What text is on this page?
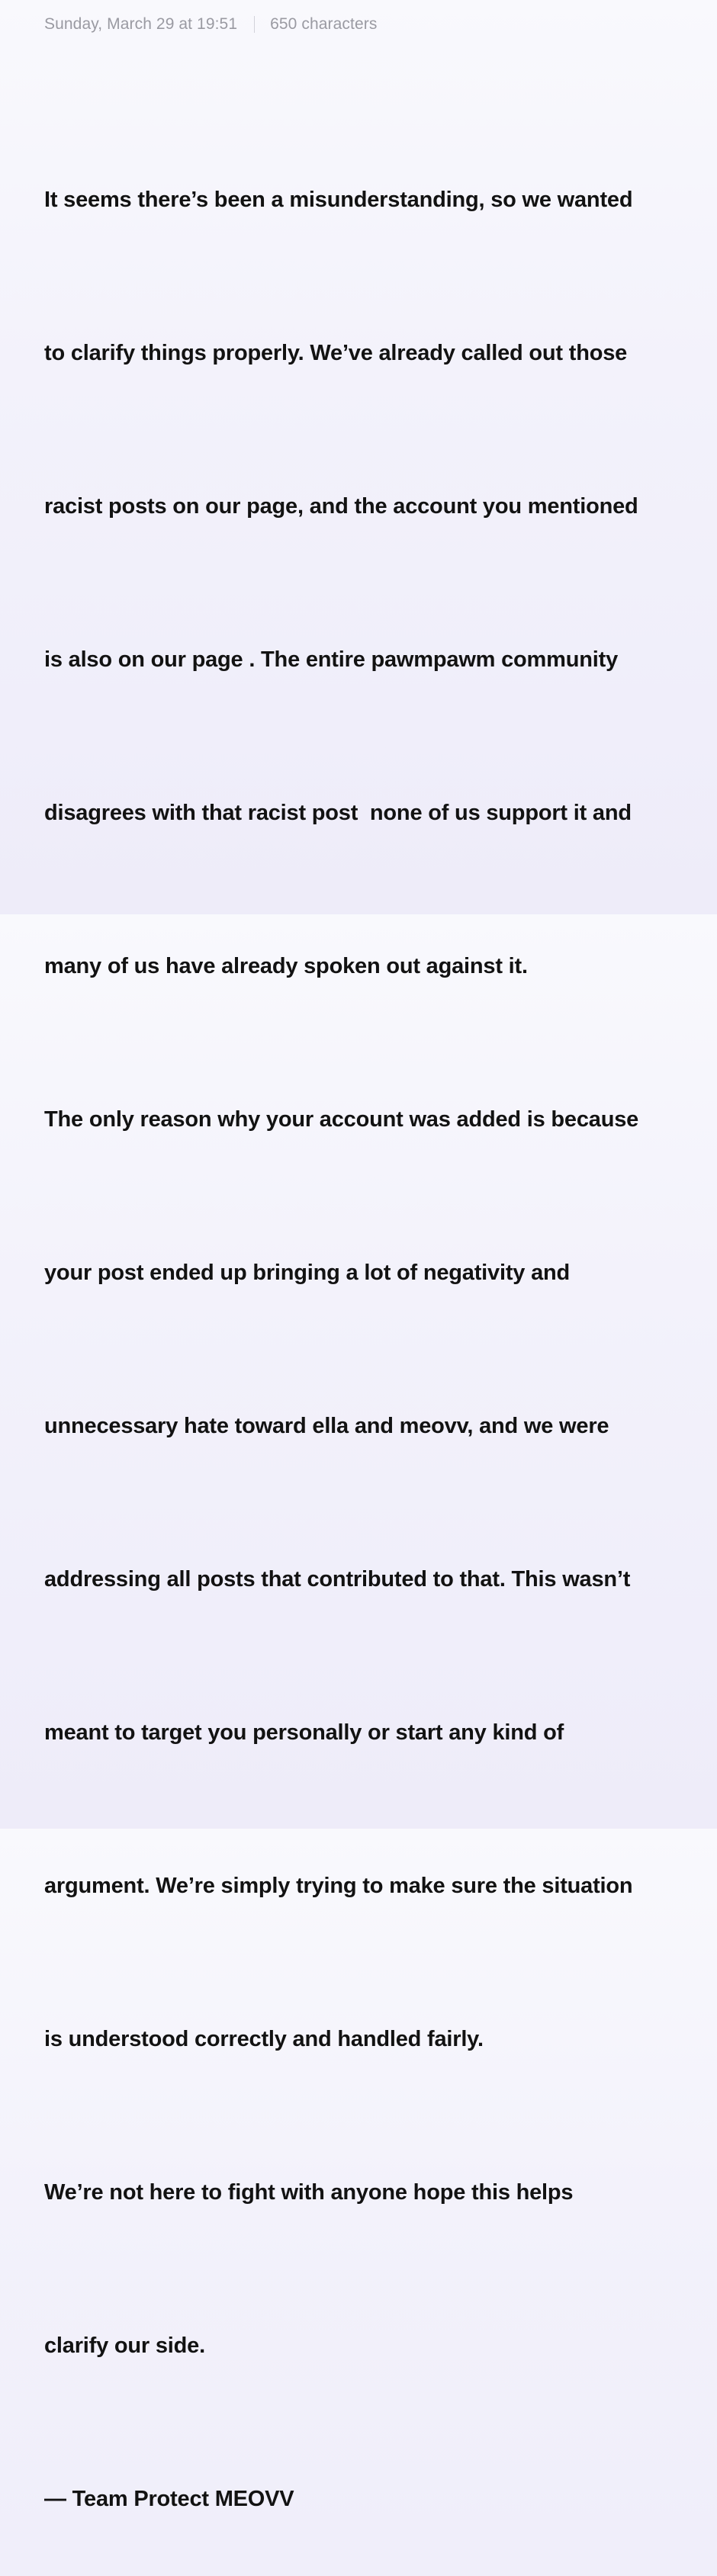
Sunday, March 29 at 19:51 650 characters

It seems there’s been a misunderstanding, so we wanted

to clarify things properly. We’ve already called out those

racist posts on our page, and the account you mentioned

is also on our page . The entire pawmpawm community

disagrees with that racist post  none of us support it and

many of us have already spoken out against it.

The only reason why your account was added is because

your post ended up bringing a lot of negativity and

unnecessary hate toward ella and meovv, and we were

addressing all posts that contributed to that. This wasn’t

meant to target you personally or start any kind of

argument. We’re simply trying to make sure the situation

is understood correctly and handled fairly.

We’re not here to fight with anyone hope this helps

clarify our side.

— Team Protect MEOVV
